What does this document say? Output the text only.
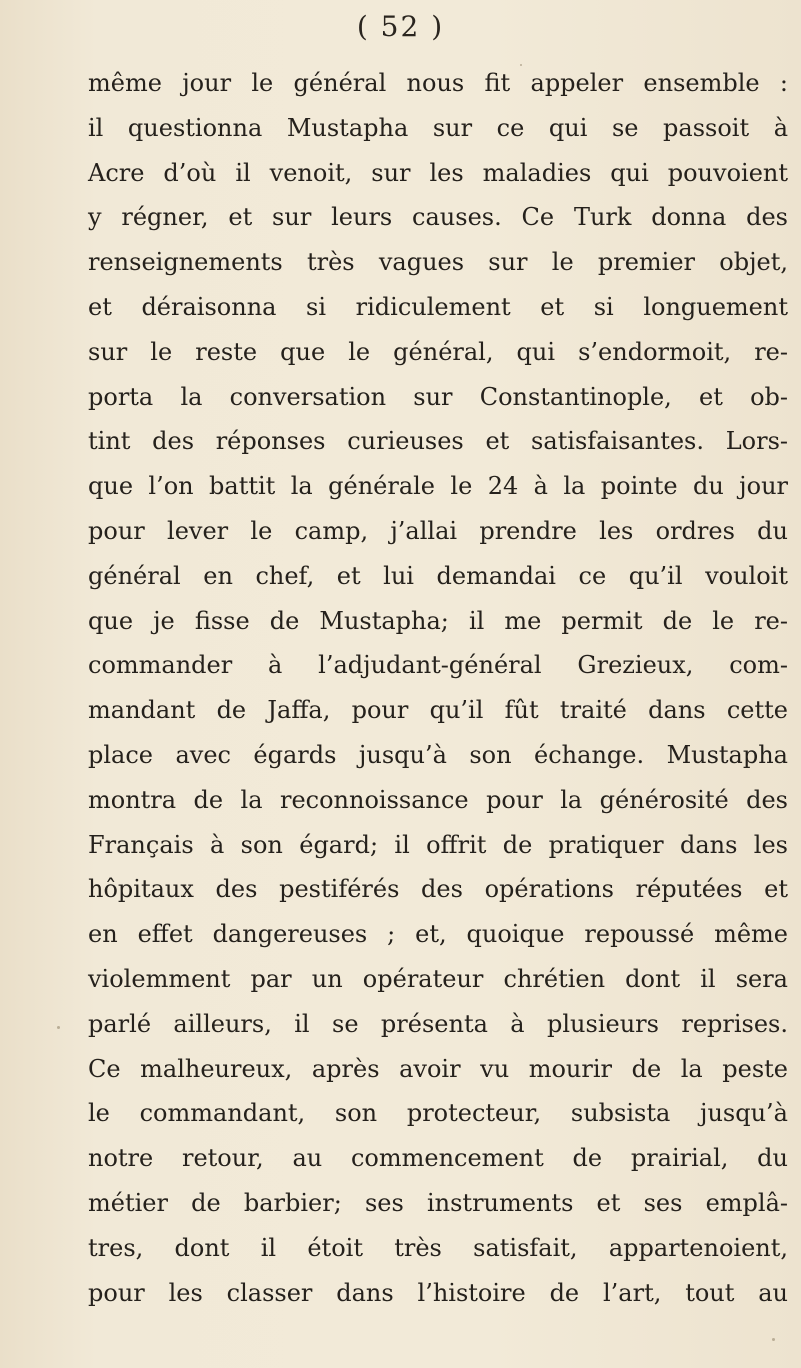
( 52 )
même jour le général nous fit appeler ensemble :
il questionna Mustapha sur ce qui se passoit à
Acre d’où il venoit, sur les maladies qui pouvoient
y régner, et sur leurs causes. Ce Turk donna des
renseignements très vagues sur le premier objet,
et déraisonna si ridiculement et si longuement
sur le reste que le général, qui s’endormoit, re-
porta la conversation sur Constantinople, et ob-
tint des réponses curieuses et satisfaisantes. Lors-
que l’on battit la générale le 24 à la pointe du jour
pour lever le camp, j’allai prendre les ordres du
général en chef, et lui demandai ce qu’il vouloit
que je fisse de Mustapha; il me permit de le re-
commander à l’adjudant-général Grezieux, com-
mandant de Jaffa, pour qu’il fût traité dans cette
place avec égards jusqu’à son échange. Mustapha
montra de la reconnoissance pour la générosité des
Français à son égard; il offrit de pratiquer dans les
hôpitaux des pestiférés des opérations réputées et
en effet dangereuses ; et, quoique repoussé même
violemment par un opérateur chrétien dont il sera
parlé ailleurs, il se présenta à plusieurs reprises.
Ce malheureux, après avoir vu mourir de la peste
le commandant, son protecteur, subsista jusqu’à
notre retour, au commencement de prairial, du
métier de barbier; ses instruments et ses emplâ-
tres, dont il étoit très satisfait, appartenoient,
pour les classer dans l’histoire de l’art, tout au
